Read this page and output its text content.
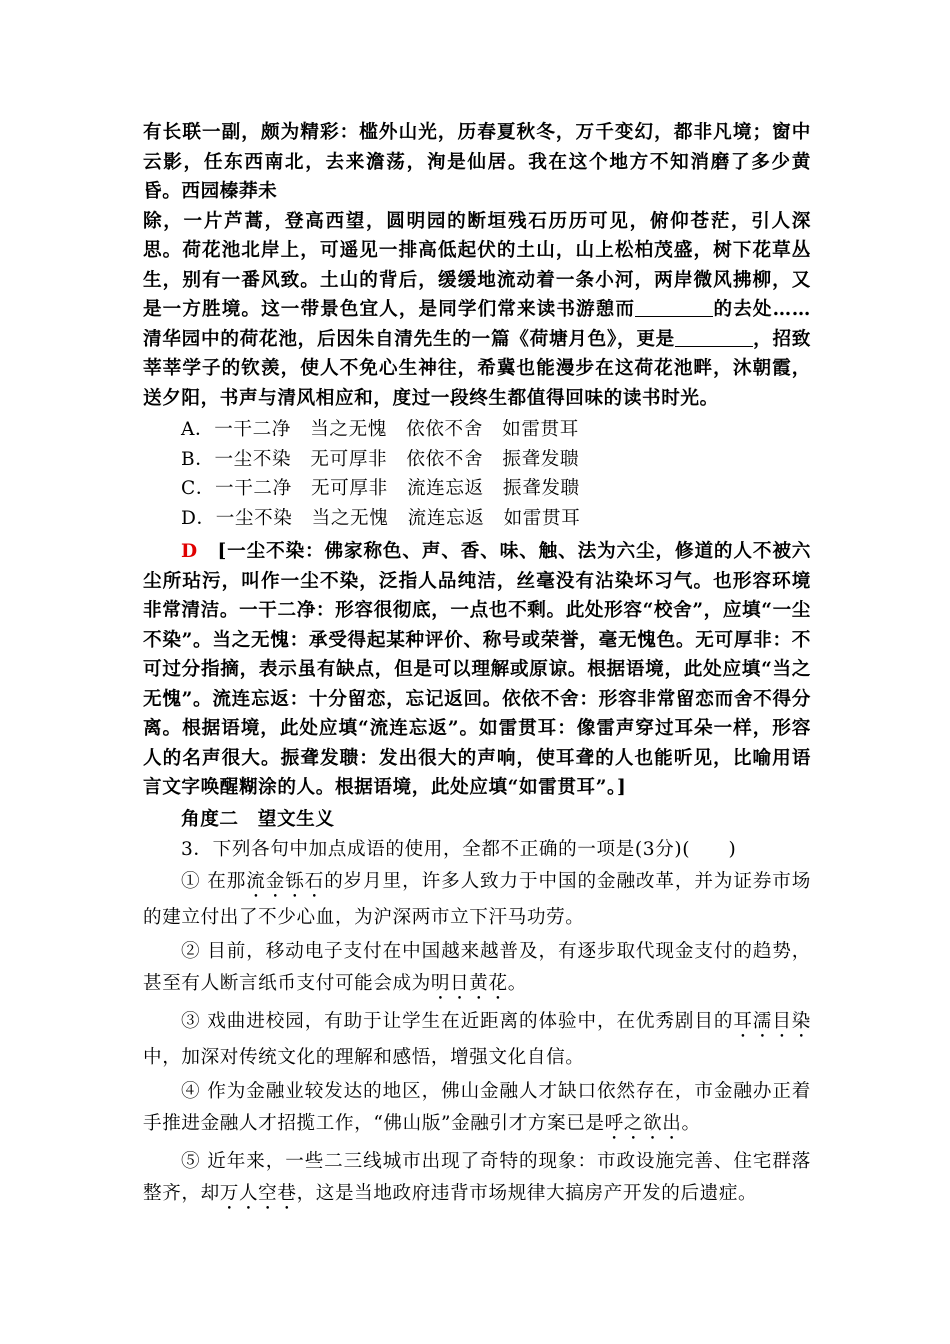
有长联一副，颇为精彩：槛外山光，历春夏秋冬，万千变幻，都非凡境；窗中云影，任东西南北，去来澹荡，洵是仙居。我在这个地方不知消磨了多少黄昏。西园榛莽未

除，一片芦蒿，登高西望，圆明园的断垣残石历历可见，俯仰苍茫，引人深思。荷花池北岸上，可遥见一排高低起伏的土山，山上松柏茂盛，树下花草丛生，别有一番风致。土山的背后，缓缓地流动着一条小河，两岸微风拂柳，又是一方胜境。这一带景色宜人，是同学们常来读书游憩而	的去处……清华园中的荷花池，后因朱自清先生的一篇《荷塘月色》，更是	，招致莘莘学子的钦羡，使人不免心生神往，希冀也能漫步在这荷花池畔，沐朝霞，送夕阳，书声与清风相应和，度过一段终生都值得回味的读书时光。

A．一干二净　当之无愧　依依不舍　如雷贯耳

B．一尘不染　无可厚非　依依不舍　振聋发聩

C．一干二净　无可厚非　流连忘返　振聋发聩

D．一尘不染　当之无愧　流连忘返　如雷贯耳

D　 [一尘不染：佛家称色、声、香、味、触、法为六尘，修道的人不被六尘所玷污，叫作一尘不染，泛指人品纯洁，丝毫没有沾染坏习气。也形容环境非常清洁。一干二净：形容很彻底，一点也不剩。此处形容“校舍”，应填“一尘不染”。当之无愧：承受得起某种评价、称号或荣誉，毫无愧色。无可厚非：不可过分指摘，表示虽有缺点，但是可以理解或原谅。根据语境，此处应填“当之无愧”。流连忘返：十分留恋，忘记返回。依依不舍：形容非常留恋而舍不得分离。根据语境，此处应填“流连忘返”。如雷贯耳：像雷声穿过耳朵一样，形容人的名声很大。振聋发聩：发出很大的声响，使耳聋的人也能听见，比喻用语言文字唤醒糊涂的人。根据语境，此处应填“如雷贯耳”。]

角度二　望文生义

3．下列各句中加点成语的使用，全都不正确的一项是(3分)(　　)

① 在那流金铄石的岁月里，许多人致力于中国的金融改革，并为证券市场的建立付出了不少心血，为沪深两市立下汗马功劳。

② 目前，移动电子支付在中国越来越普及，有逐步取代现金支付的趋势，甚至有人断言纸币支付可能会成为明日黄花。

③ 戏曲进校园，有助于让学生在近距离的体验中，在优秀剧目的耳濡目染中，加深对传统文化的理解和感悟，增强文化自信。

④ 作为金融业较发达的地区，佛山金融人才缺口依然存在，市金融办正着手推进金融人才招揽工作，“佛山版”金融引才方案已是呼之欲出。

⑤ 近年来，一些二三线城市出现了奇特的现象：市政设施完善、住宅群落整齐，却万人空巷，这是当地政府违背市场规律大搞房产开发的后遗症。
